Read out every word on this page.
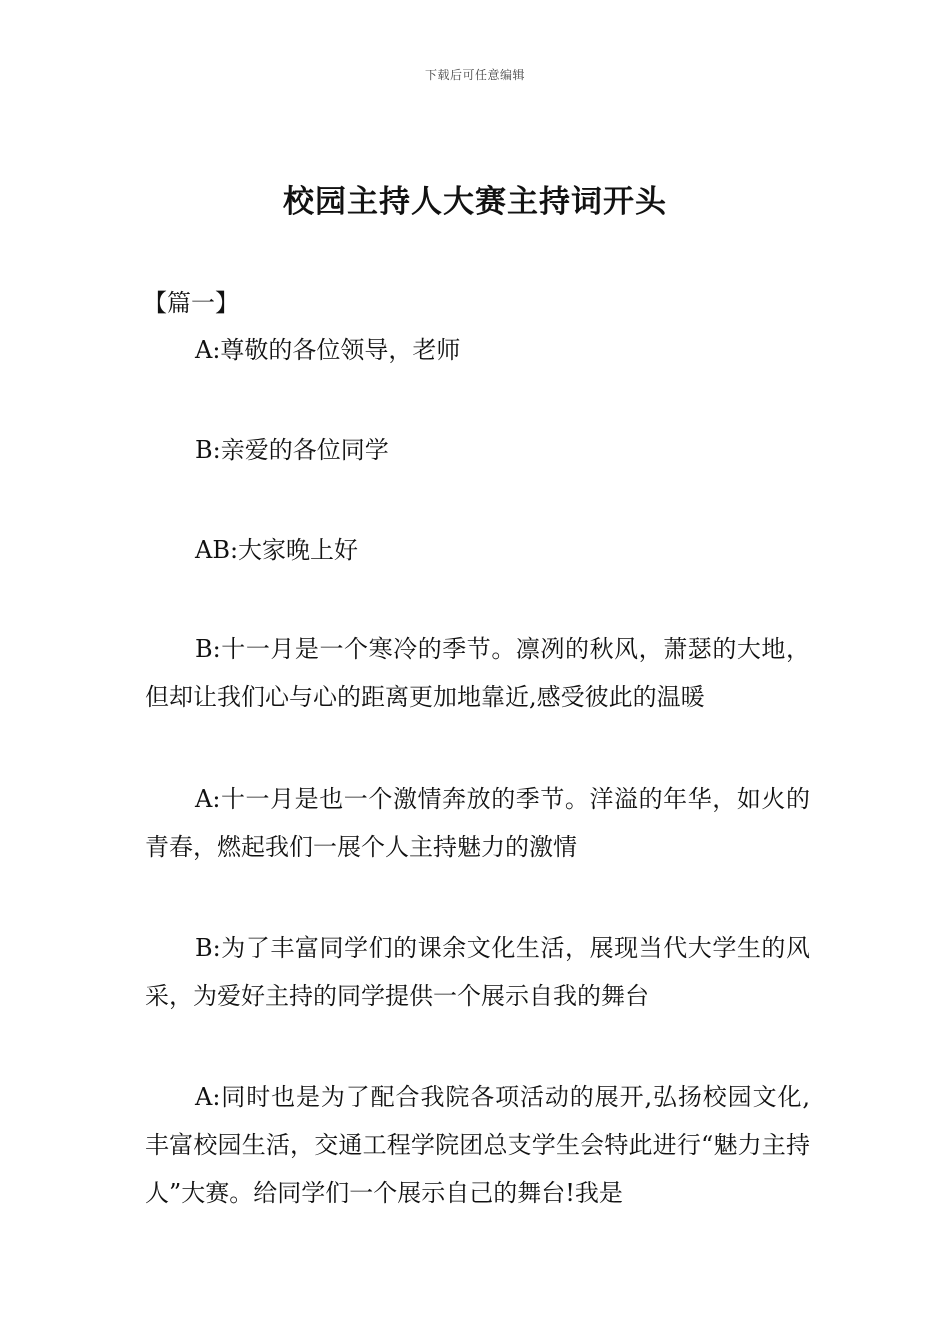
下载后可任意编辑
校园主持人大赛主持词开头
【篇一】

A:尊敬的各位领导，老师

B:亲爱的各位同学

AB:大家晚上好

B:十一月是一个寒冷的季节。凛冽的秋风，萧瑟的大地，但却让我们心与心的距离更加地靠近,感受彼此的温暖

A:十一月是也一个激情奔放的季节。洋溢的年华，如火的青春，燃起我们一展个人主持魅力的激情

B:为了丰富同学们的课余文化生活，展现当代大学生的风采，为爱好主持的同学提供一个展示自我的舞台

A:同时也是为了配合我院各项活动的展开,弘扬校园文化,丰富校园生活，交通工程学院团总支学生会特此进行“魅力主持人”大赛。给同学们一个展示自己的舞台!我是
